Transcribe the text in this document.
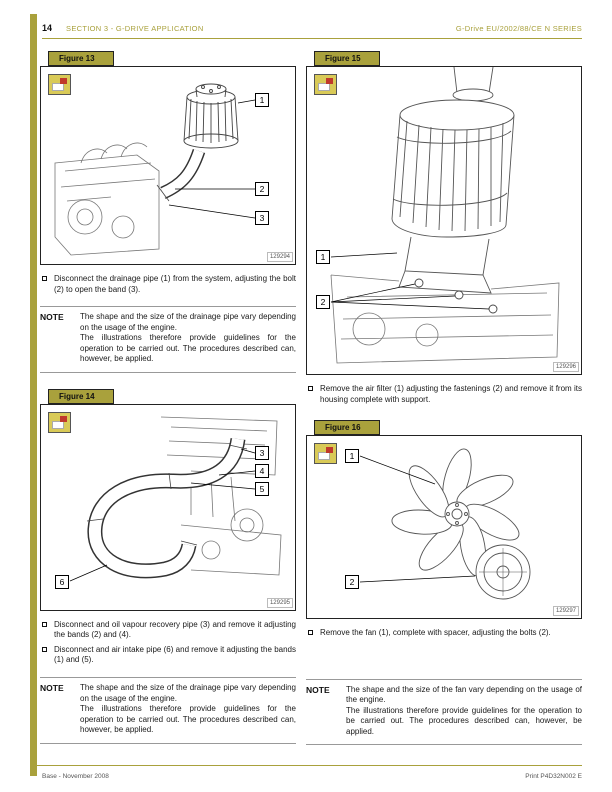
14 SECTION 3 - G-DRIVE APPLICATION	G-Drive EU/2002/88/CE N SERIES
Figure 13
1
2
3
129294
Disconnect the drainage pipe (1) from the system, adjusting the bolt (2) to open the band (3).
NOTE	The shape and the size of the drainage pipe vary depending on the usage of the engine.
The illustrations therefore provide guidelines for the operation to be carried out. The procedures described can, however, be applied.
Figure 14
3
4
5
6
129295
Disconnect and oil vapour recovery pipe (3) and remove it adjusting the bands (2) and (4).
Disconnect and air intake pipe (6) and remove it adjusting the bands (1) and (5).
NOTE	The shape and the size of the drainage pipe vary depending on the usage of the engine.
The illustrations therefore provide guidelines for the operation to be carried out. The procedures described can, however, be applied.
Figure 15
1
2
129296
Remove the air filter (1) adjusting the fastenings (2) and remove it from its housing complete with support.
Figure 16
1
2
129297
Remove the fan (1), complete with spacer, adjusting the bolts (2).
NOTE	The shape and the size of the fan vary depending on the usage of the engine.
The illustrations therefore provide guidelines for the operation to be carried out. The procedures described can, however, be applied.
Base - November 2008	Print P4D32N002 E
